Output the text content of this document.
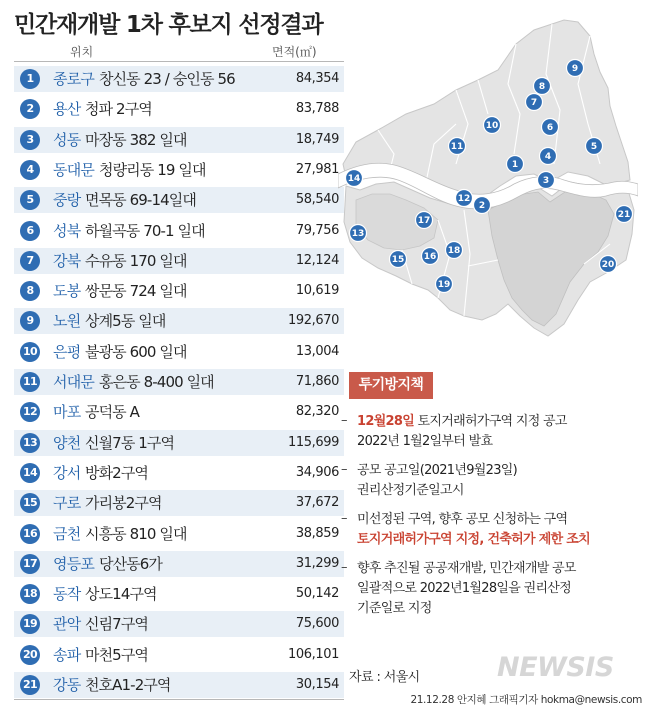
민간재개발 1차 후보지 선정결과
위치	면적(㎡)
1	종로구 창신동 23 / 숭인동 56	84,354
2	용산 청파 2구역	83,788
3	성동 마장동 382 일대	18,749
4	동대문 청량리동 19 일대	27,981
5	중랑 면목동 69-14일대	58,540
6	성북 하월곡동 70-1 일대	79,756
7	강북 수유동 170 일대	12,124
8	도봉 쌍문동 724 일대	10,619
9	노원 상계5동 일대	192,670
10 은평 불광동 600 일대	13,004
11 서대문 홍은동 8-400 일대	71,860
12 마포 공덕동 A	82,320
13 양천 신월7동 1구역	115,699
14 강서 방화2구역	34,906
15 구로 가리봉2구역	37,672
16 금천 시흥동 810 일대	38,859
17 영등포 당산동6가	31,299
18 동작 상도14구역	50,142
19 관악 신림7구역	75,600
20 송파 마천5구역	106,101
21 강동 천호A1-2구역	30,154
9
8
7
10	6
11	5
1
4
3
14
12
2
21
17
13
16
18
15
19
20
투기방지책
– 12월28일 토지거래허가구역 지정 공고
2022년 1월2일부터 발효
– 공모 공고일(2021년9월23일)
권리산정기준일고시
– 미선정된 구역, 향후 공모 신청하는 구역
토지거래허가구역 지정, 건축허가 제한 조치
– 향후 추진될 공공재개발, 민간재개발 공모
일괄적으로 2022년1월28일을 권리산정
기준일로 지정
NEWSIS
자료 : 서울시
21.12.28 안지혜 그래픽기자 hokma@newsis.com
